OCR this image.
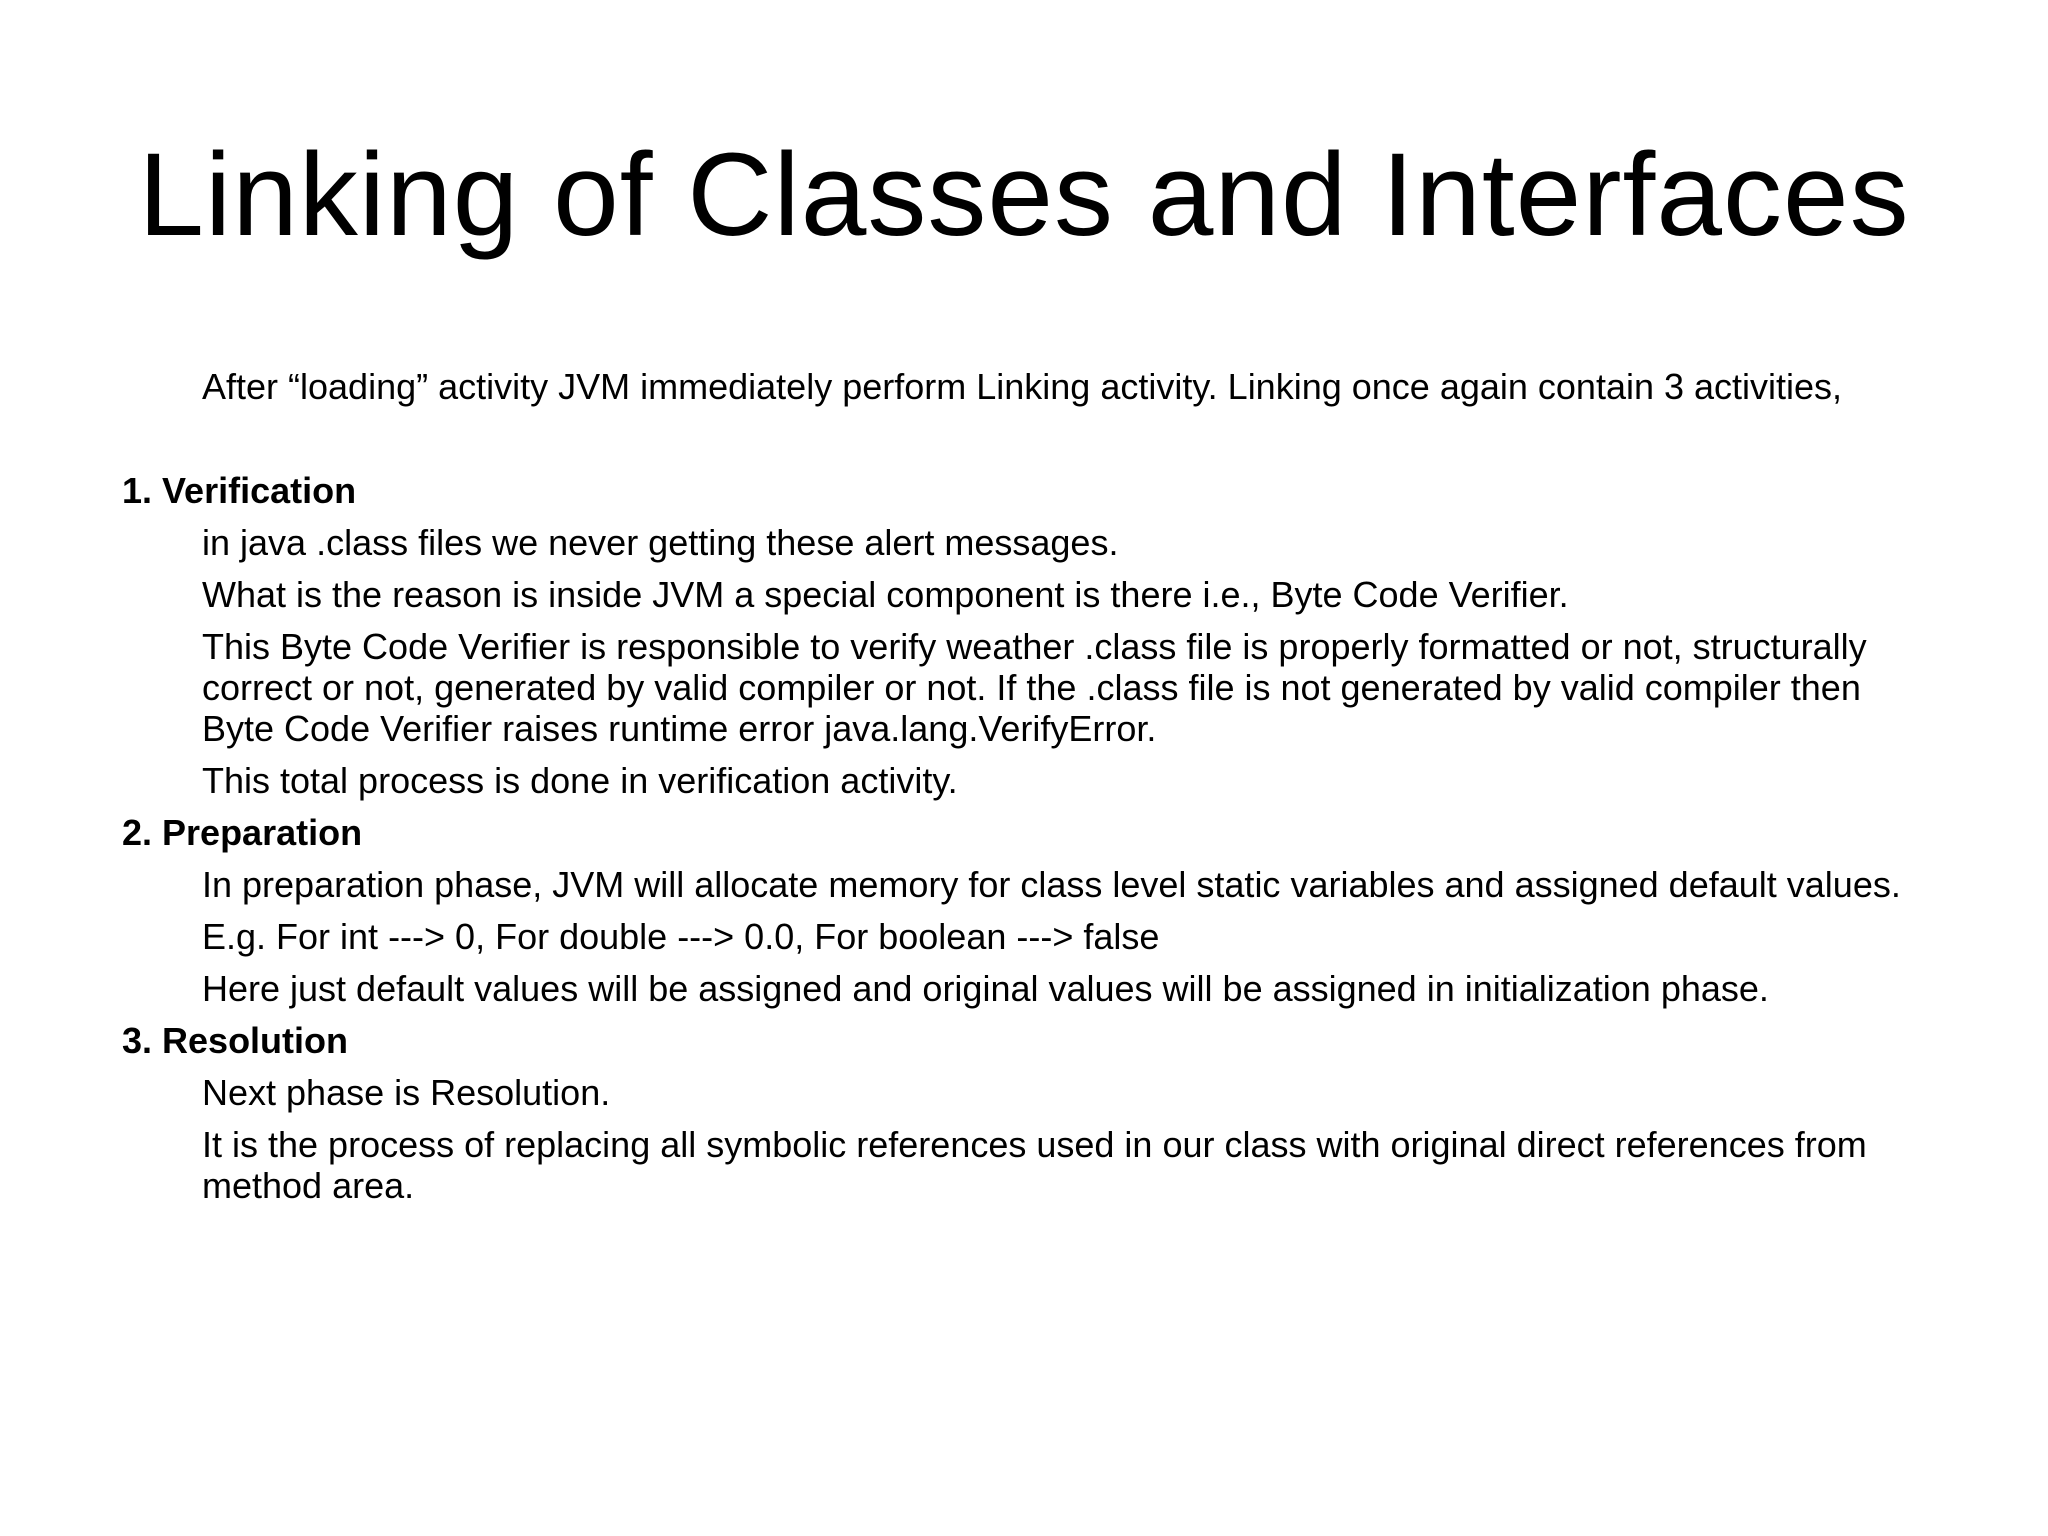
Linking of Classes and Interfaces
After “loading” activity JVM immediately perform Linking activity. Linking once again contain 3 activities,
1. Verification
in java .class files we never getting these alert messages.
What is the reason is inside JVM a special component is there i.e., Byte Code Verifier.
This Byte Code Verifier is responsible to verify weather .class file is properly formatted or not, structurally correct or not, generated by valid compiler or not. If the .class file is not generated by valid compiler then Byte Code Verifier raises runtime error java.lang.VerifyError.
This total process is done in verification activity.
2. Preparation
In preparation phase, JVM will allocate memory for class level static variables and assigned default values.
E.g. For int ---> 0, For double ---> 0.0, For boolean ---> false
Here just default values will be assigned and original values will be assigned in initialization phase.
3. Resolution
Next phase is Resolution.
It is the process of replacing all symbolic references used in our class with original direct references from method area.
